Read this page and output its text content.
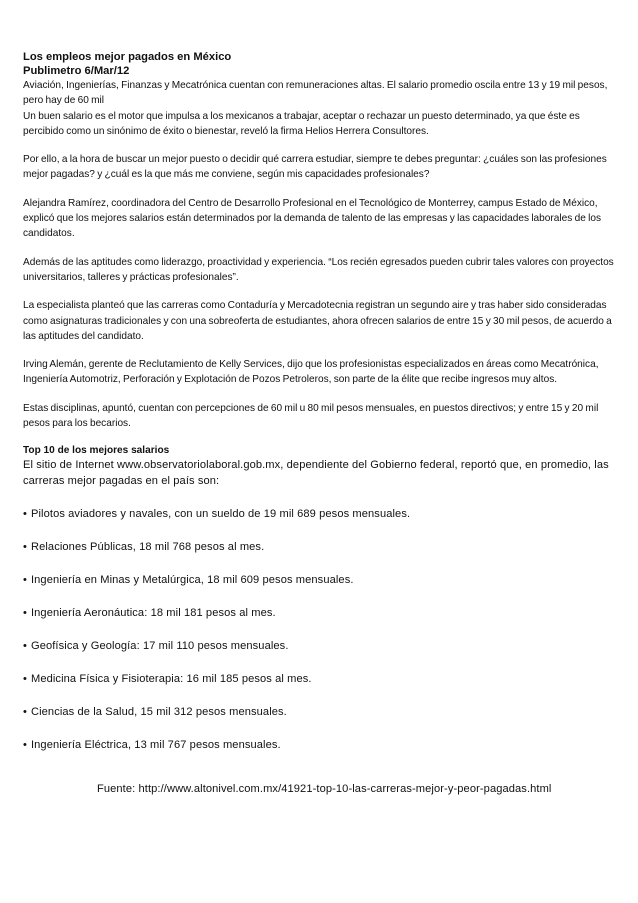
Los empleos mejor pagados en México
Publimetro 6/Mar/12

Aviación, Ingenierías, Finanzas y Mecatrónica cuentan con remuneraciones altas. El salario promedio oscila entre 13 y 19 mil pesos, pero hay de 60 mil

Un buen salario es el motor que impulsa a los mexicanos a trabajar, aceptar o rechazar un puesto determinado, ya que éste es percibido como un sinónimo de éxito o bienestar, reveló la firma Helios Herrera Consultores.

Por ello, a la hora de buscar un mejor puesto o decidir qué carrera estudiar, siempre te debes preguntar: ¿cuáles son las profesiones mejor pagadas? y ¿cuál es la que más me conviene, según mis capacidades profesionales?

Alejandra Ramírez, coordinadora del Centro de Desarrollo Profesional en el Tecnológico de Monterrey, campus Estado de México, explicó que los mejores salarios están determinados por la demanda de talento de las empresas y las capacidades laborales de los candidatos.

Además de las aptitudes como liderazgo, proactividad y experiencia. “Los recién egresados pueden cubrir tales valores con proyectos universitarios, talleres y prácticas profesionales”.

La especialista planteó que las carreras como Contaduría y Mercadotecnia registran un segundo aire y tras haber sido consideradas como asignaturas tradicionales y con una sobreoferta de estudiantes, ahora ofrecen salarios de entre 15 y 30 mil pesos, de acuerdo a las aptitudes del candidato.

Irving Alemán, gerente de Reclutamiento de Kelly Services, dijo que los profesionistas especializados en áreas como Mecatrónica, Ingeniería Automotriz, Perforación y Explotación de Pozos Petroleros, son parte de la élite que recibe ingresos muy altos.

Estas disciplinas, apuntó, cuentan con percepciones de 60 mil u 80 mil pesos mensuales, en puestos directivos; y entre 15 y 20 mil pesos para los becarios.

Top 10 de los mejores salarios

El sitio de Internet www.observatoriolaboral.gob.mx, dependiente del Gobierno federal, reportó que, en promedio, las carreras mejor pagadas en el país son:

• Pilotos aviadores y navales, con un sueldo de 19 mil 689 pesos mensuales.
• Relaciones Públicas, 18 mil 768 pesos al mes.
• Ingeniería en Minas y Metalúrgica, 18 mil 609 pesos mensuales.
• Ingeniería Aeronáutica: 18 mil 181 pesos al mes.
• Geofísica y Geología: 17 mil 110 pesos mensuales.
• Medicina Física y Fisioterapia: 16 mil 185 pesos al mes.
• Ciencias de la Salud, 15 mil 312 pesos mensuales.
• Ingeniería Eléctrica, 13 mil 767 pesos mensuales.

Fuente: http://www.altonivel.com.mx/41921-top-10-las-carreras-mejor-y-peor-pagadas.html
